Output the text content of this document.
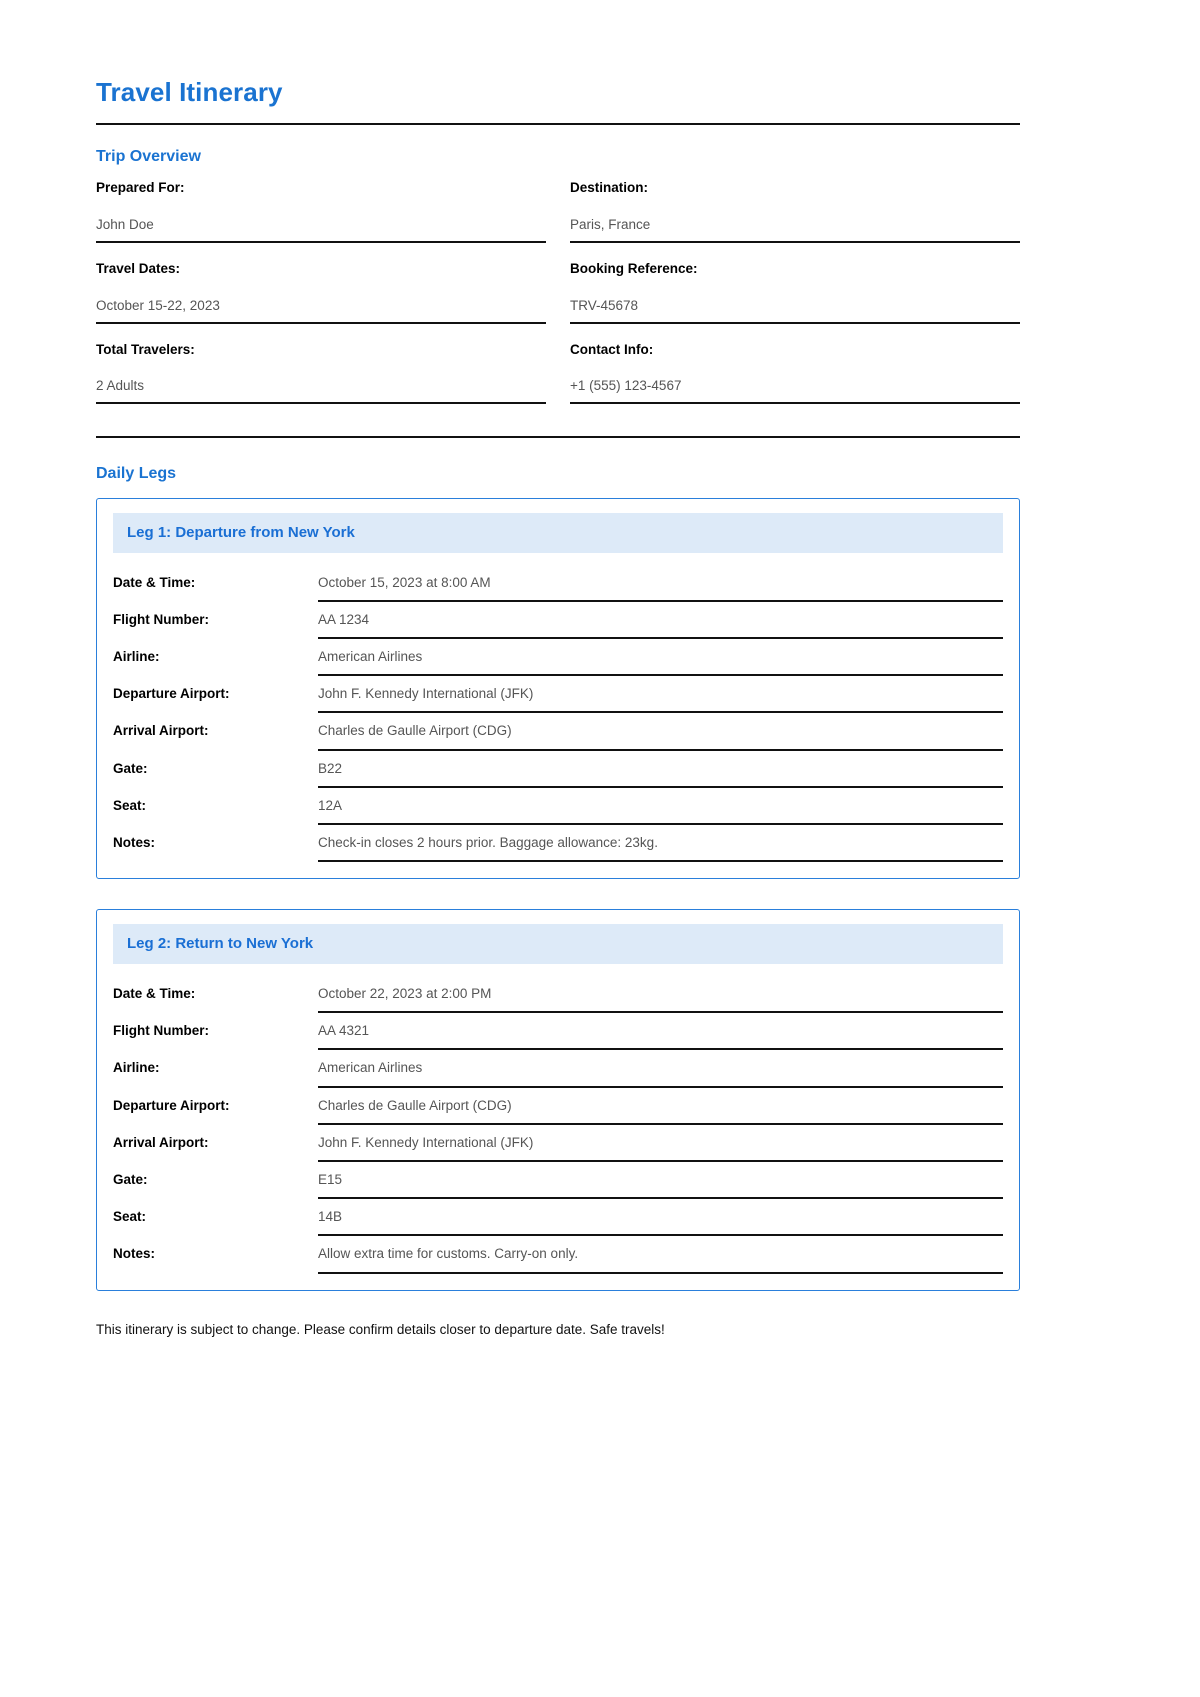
Travel Itinerary
Trip Overview
Prepared For:
John Doe
Destination:
Paris, France
Travel Dates:
October 15-22, 2023
Booking Reference:
TRV-45678
Total Travelers:
2 Adults
Contact Info:
+1 (555) 123-4567
Daily Legs
Leg 1: Departure from New York
Date & Time:	October 15, 2023 at 8:00 AM
Flight Number:	AA 1234
Airline:	American Airlines
Departure Airport:	John F. Kennedy International (JFK)
Arrival Airport:	Charles de Gaulle Airport (CDG)
Gate:	B22
Seat:	12A
Notes:	Check-in closes 2 hours prior. Baggage allowance: 23kg.
Leg 2: Return to New York
Date & Time:	October 22, 2023 at 2:00 PM
Flight Number:	AA 4321
Airline:	American Airlines
Departure Airport:	Charles de Gaulle Airport (CDG)
Arrival Airport:	John F. Kennedy International (JFK)
Gate:	E15
Seat:	14B
Notes:	Allow extra time for customs. Carry-on only.

This itinerary is subject to change. Please confirm details closer to departure date. Safe travels!
